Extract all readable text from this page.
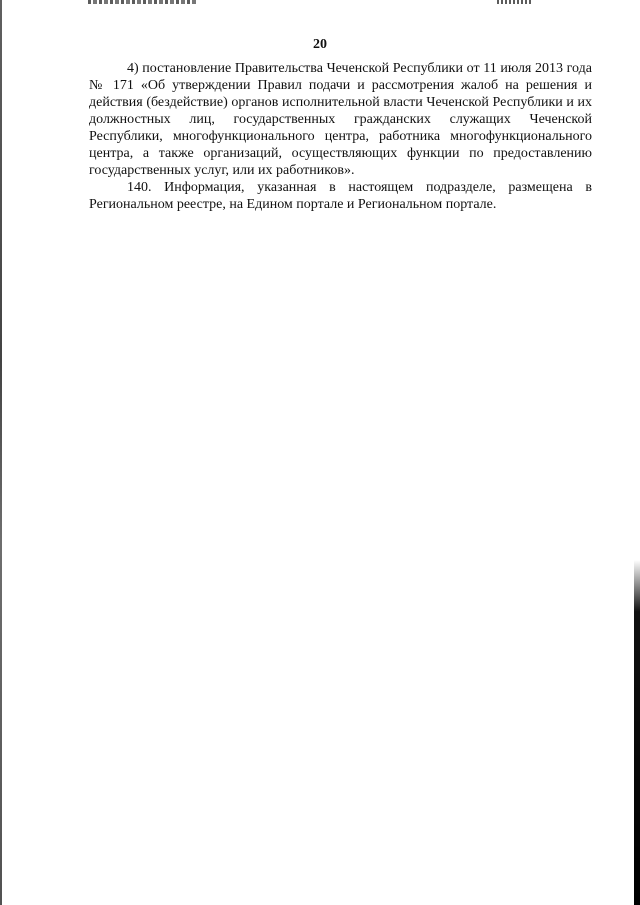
20

4) постановление Правительства Чеченской Республики от 11 июля 2013 года № 171 «Об утверждении Правил подачи и рассмотрения жалоб на решения и действия (бездействие) органов исполнительной власти Чеченской Республики и их должностных лиц, государственных гражданских служащих Чеченской Республики, многофункционального центра, работника многофункционального центра, а также организаций, осуществляющих функции по предоставлению государственных услуг, или их работников».

140. Информация, указанная в настоящем подразделе, размещена в Региональном реестре, на Едином портале и Региональном портале.
